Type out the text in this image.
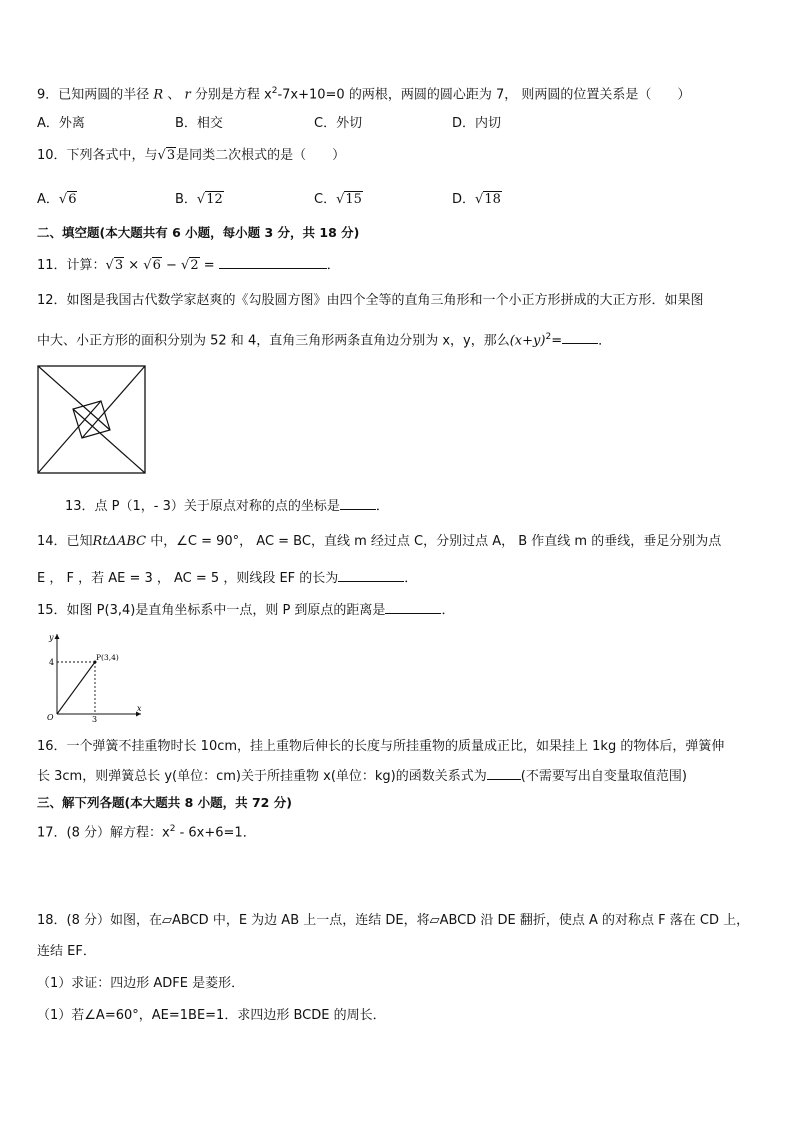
9．已知两圆的半径 R 、 r 分别是方程 $x^2-7x+10=0$ 的两根，两圆的圆心距为 7， 则两圆的位置关系是（　　）
A．外离	B．相交	C．外切	D．内切
10．下列各式中，与√3是同类二次根式的是（　　）
A．√6	B．√12	C．√15	D．√18
二、填空题(本大题共有 6 小题，每小题 3 分，共 18 分)
11．计算：√3 × √6 − √2 =	．
12．如图是我国古代数学家赵爽的《勾股圆方图》由四个全等的直角三角形和一个小正方形拼成的大正方形．如果图
中大、小正方形的面积分别为 52 和 4，直角三角形两条直角边分别为 x，y，那么$(x+y)^2=$	．
13．点 P（1，- 3）关于原点对称的点的坐标是	．
14．已知RtΔABC 中，∠C = 90°， AC = BC，直线 m 经过点 C，分别过点 A， B 作直线 m 的垂线，垂足分别为点
E ， F ，若 AE = 3 ， AC = 5 ，则线段 EF 的长为	．
15．如图 P(3,4)是直角坐标系中一点，则 P 到原点的距离是	．
y
x
O
4
3
P(3,4)
16．一个弹簧不挂重物时长 10cm，挂上重物后伸长的长度与所挂重物的质量成正比，如果挂上 1kg 的物体后，弹簧伸
长 3cm，则弹簧总长 y(单位：cm)关于所挂重物 x(单位：kg)的函数关系式为	(不需要写出自变量取值范围)
三、解下列各题(本大题共 8 小题，共 72 分)
17．(8 分）解方程：$x^2 - 6x+6=1$．
18．(8 分）如图，在▱ABCD 中，E 为边 AB 上一点，连结 DE，将▱ABCD 沿 DE 翻折，使点 A 的对称点 F 落在 CD 上，
连结 EF．
（1）求证：四边形 ADFE 是菱形．
（1）若∠A=60°，AE=1BE=1．求四边形 BCDE 的周长．
